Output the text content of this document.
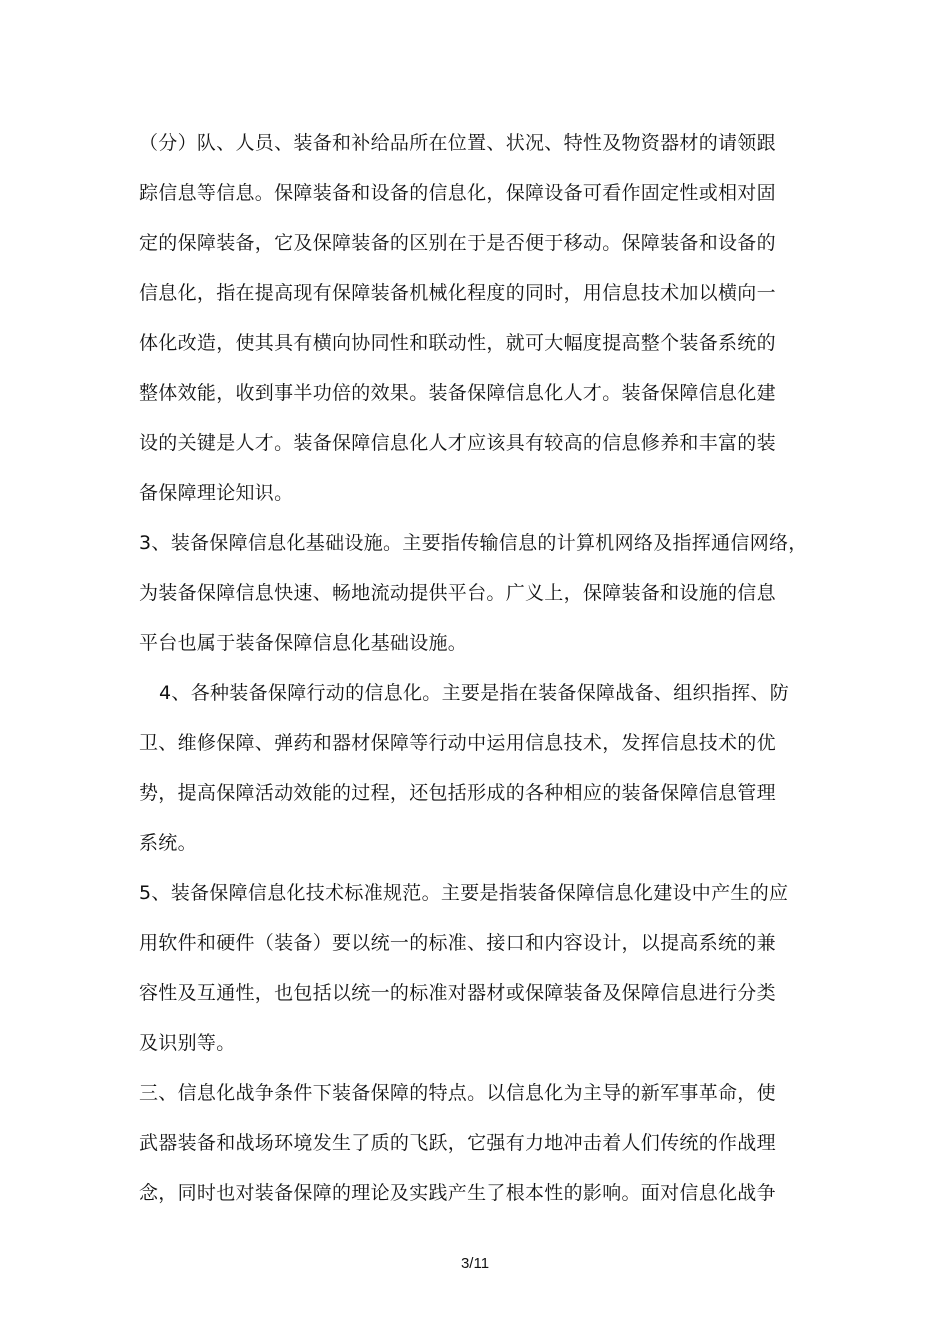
（分）队、人员、装备和补给品所在位置、状况、特性及物资器材的请领跟
踪信息等信息。保障装备和设备的信息化，保障设备可看作固定性或相对固
定的保障装备，它及保障装备的区别在于是否便于移动。保障装备和设备的
信息化，指在提高现有保障装备机械化程度的同时，用信息技术加以横向一
体化改造，使其具有横向协同性和联动性，就可大幅度提高整个装备系统的
整体效能，收到事半功倍的效果。装备保障信息化人才。装备保障信息化建
设的关键是人才。装备保障信息化人才应该具有较高的信息修养和丰富的装
备保障理论知识。
3、装备保障信息化基础设施。主要指传输信息的计算机网络及指挥通信网络，
为装备保障信息快速、畅地流动提供平台。广义上，保障装备和设施的信息
平台也属于装备保障信息化基础设施。
4、各种装备保障行动的信息化。主要是指在装备保障战备、组织指挥、防
卫、维修保障、弹药和器材保障等行动中运用信息技术，发挥信息技术的优
势，提高保障活动效能的过程，还包括形成的各种相应的装备保障信息管理
系统。
5、装备保障信息化技术标准规范。主要是指装备保障信息化建设中产生的应
用软件和硬件（装备）要以统一的标准、接口和内容设计，以提高系统的兼
容性及互通性，也包括以统一的标准对器材或保障装备及保障信息进行分类
及识别等。
三、信息化战争条件下装备保障的特点。以信息化为主导的新军事革命，使
武器装备和战场环境发生了质的飞跃，它强有力地冲击着人们传统的作战理
念，同时也对装备保障的理论及实践产生了根本性的影响。面对信息化战争
3/11
